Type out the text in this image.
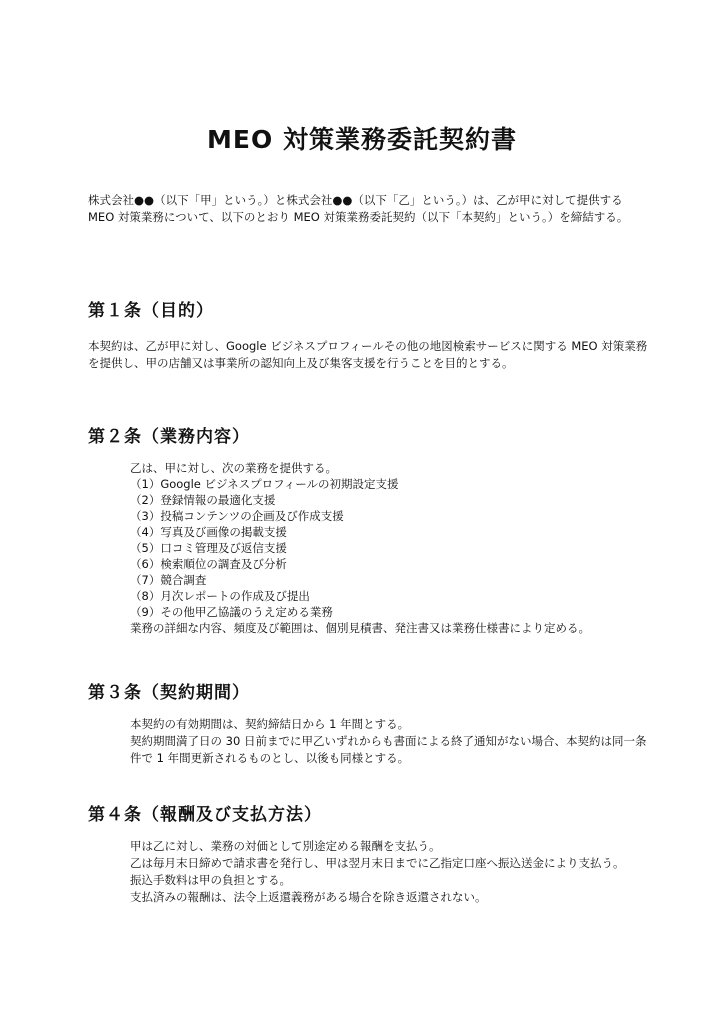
MEO 対策業務委託契約書

株式会社●●（以下「甲」という。）と株式会社●●（以下「乙」という。）は、乙が甲に対して提供する MEO 対策業務について、以下のとおり MEO 対策業務委託契約（以下「本契約」という。）を締結する。

第１条（目的）

本契約は、乙が甲に対し、Google ビジネスプロフィールその他の地図検索サービスに関する MEO 対策業務を提供し、甲の店舗又は事業所の認知向上及び集客支援を行うことを目的とする。

第２条（業務内容）

乙は、甲に対し、次の業務を提供する。

（1）Google ビジネスプロフィールの初期設定支援

（2）登録情報の最適化支援

（3）投稿コンテンツの企画及び作成支援

（4）写真及び画像の掲載支援

（5）口コミ管理及び返信支援

（6）検索順位の調査及び分析

（7）競合調査

（8）月次レポートの作成及び提出

（9）その他甲乙協議のうえ定める業務

業務の詳細な内容、頻度及び範囲は、個別見積書、発注書又は業務仕様書により定める。

第３条（契約期間）

本契約の有効期間は、契約締結日から 1 年間とする。

契約期間満了日の 30 日前までに甲乙いずれからも書面による終了通知がない場合、本契約は同一条件で 1 年間更新されるものとし、以後も同様とする。

第４条（報酬及び支払方法）

甲は乙に対し、業務の対価として別途定める報酬を支払う。

乙は毎月末日締めで請求書を発行し、甲は翌月末日までに乙指定口座へ振込送金により支払う。

振込手数料は甲の負担とする。

支払済みの報酬は、法令上返還義務がある場合を除き返還されない。
